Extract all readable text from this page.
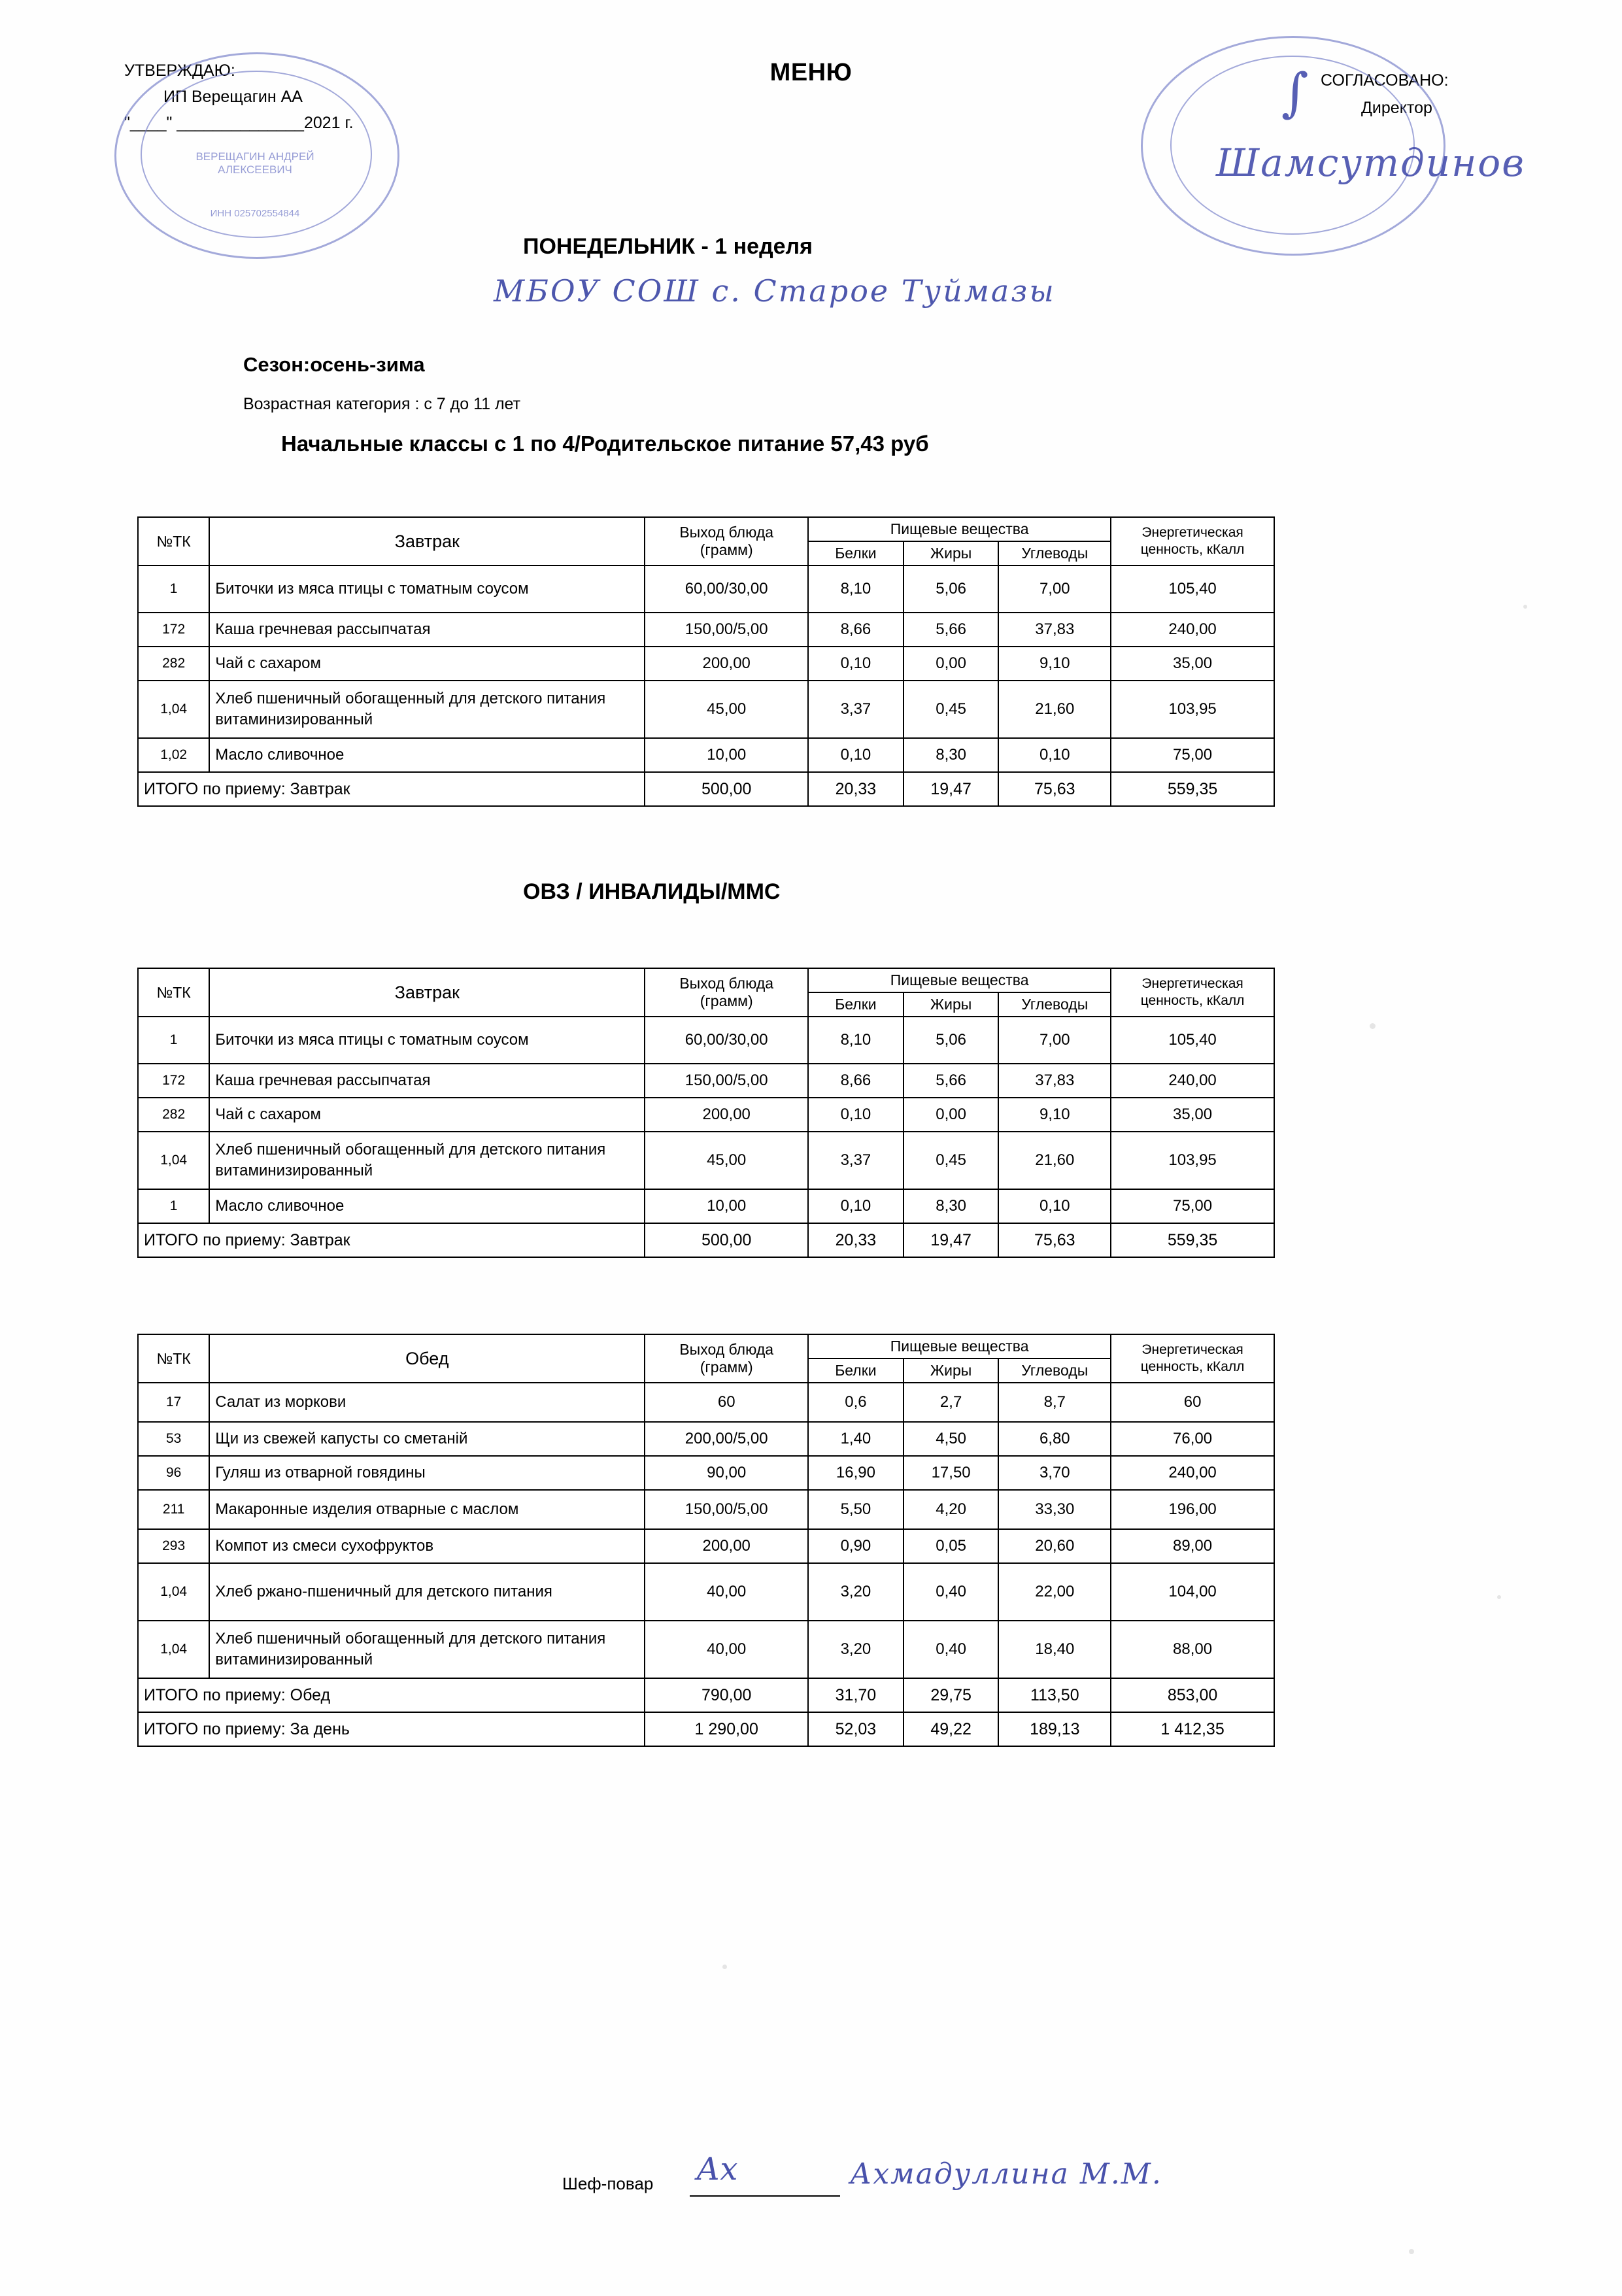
УТВЕРЖДАЮ:
ИП Верещагин АА
"____" ______________2021 г.
МЕНЮ	СОГЛАСОВАНО:
Директор
ВЕРЕЩАГИН АНДРЕЙ АЛЕКСЕЕВИЧ
ИНН 025702554844
Шамсутдинов
∫
ПОНЕДЕЛЬНИК - 1 неделя
МБОУ СОШ с. Старое Туймазы
Сезон:осень-зима
Возрастная категория : с 7 до 11 лет
Начальные классы с 1 по 4/Родительское питание 57,43 руб
№ТК	Завтрак	Выход блюда
(грамм)
	Пищевые вещества	Энергетическая
ценность, кКалл

			Белки	Жиры	Углеводы	
1	Биточки из мяса птицы с томатным соусом	60,00/30,00	8,10	5,06	7,00	105,40
172	Каша гречневая рассыпчатая	150,00/5,00	8,66	5,66	37,83	240,00
282	Чай с сахаром	200,00	0,10	0,00	9,10	35,00
1,04	Хлеб пшеничный обогащенный для детского питания витаминизированный	45,00	3,37	0,45	21,60	103,95
1,02	Масло сливочное	10,00	0,10	8,30	0,10	75,00
ИТОГО по приему: Завтрак		500,00	20,33	19,47	75,63	559,35
ОВЗ / ИНВАЛИДЫ/ММС
№ТК	Завтрак	Выход блюда
(грамм)
	Пищевые вещества	Энергетическая
ценность, кКалл

			Белки	Жиры	Углеводы	
1	Биточки из мяса птицы с томатным соусом	60,00/30,00	8,10	5,06	7,00	105,40
172	Каша гречневая рассыпчатая	150,00/5,00	8,66	5,66	37,83	240,00
282	Чай с сахаром	200,00	0,10	0,00	9,10	35,00
1,04	Хлеб пшеничный обогащенный для детского питания витаминизированный	45,00	3,37	0,45	21,60	103,95
1	Масло сливочное	10,00	0,10	8,30	0,10	75,00
ИТОГО по приему: Завтрак		500,00	20,33	19,47	75,63	559,35
№ТК	Обед	Выход блюда
(грамм)
	Пищевые вещества	Энергетическая
ценность, кКалл

			Белки	Жиры	Углеводы	
17	Салат из моркови	60	0,6	2,7	8,7	60
53	Щи из свежей капусты со сметаній	200,00/5,00	1,40	4,50	6,80	76,00
96	Гуляш из отварной говядины	90,00	16,90	17,50	3,70	240,00
211	Макаронные изделия отварные с маслом	150,00/5,00	5,50	4,20	33,30	196,00
293	Компот из смеси сухофруктов	200,00	0,90	0,05	20,60	89,00
1,04	Хлеб ржано-пшеничный для детского питания	40,00	3,20	0,40	22,00	104,00
1,04	Хлеб пшеничный обогащенный для детского питания витаминизированный	40,00	3,20	0,40	18,40	88,00
ИТОГО по приему: Обед		790,00	31,70	29,75	113,50	853,00
ИТОГО по приему: За день		1 290,00	52,03	49,22	189,13	1 412,35
Шеф-повар Ах	Ахмадуллина М.М.
